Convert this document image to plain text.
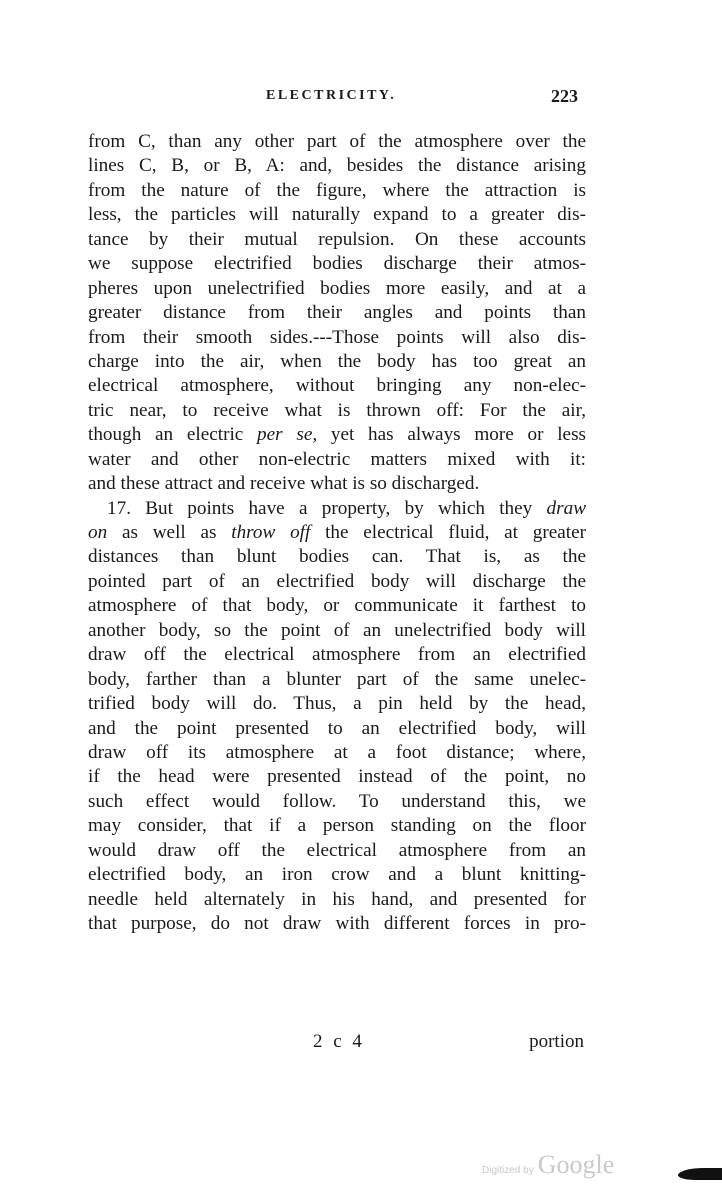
ELECTRICITY.	223
from C, than any other part of the atmosphere over the
lines C, B, or B, A: and, besides the distance arising
from the nature of the figure, where the attraction is
less, the particles will naturally expand to a greater dis-
tance by their mutual repulsion. On these accounts
we suppose electrified bodies discharge their atmos-
pheres upon unelectrified bodies more easily, and at a
greater distance from their angles and points than
from their smooth sides.---Those points will also dis-
charge into the air, when the body has too great an
electrical atmosphere, without bringing any non-elec-
tric near, to receive what is thrown off: For the air,
though an electric per se, yet has always more or less
water and other non-electric matters mixed with it:
and these attract and receive what is so discharged.
17. But points have a property, by which they draw
on as well as throw off the electrical fluid, at greater
distances than blunt bodies can. That is, as the
pointed part of an electrified body will discharge the
atmosphere of that body, or communicate it farthest to
another body, so the point of an unelectrified body will
draw off the electrical atmosphere from an electrified
body, farther than a blunter part of the same unelec-
trified body will do. Thus, a pin held by the head,
and the point presented to an electrified body, will
draw off its atmosphere at a foot distance; where,
if the head were presented instead of the point, no
such effect would follow. To understand this, we
may consider, that if a person standing on the floor
would draw off the electrical atmosphere from an
electrified body, an iron crow and a blunt knitting-
needle held alternately in his hand, and presented for
that purpose, do not draw with different forces in pro-
2 c 4	portion
Digitized by Google
